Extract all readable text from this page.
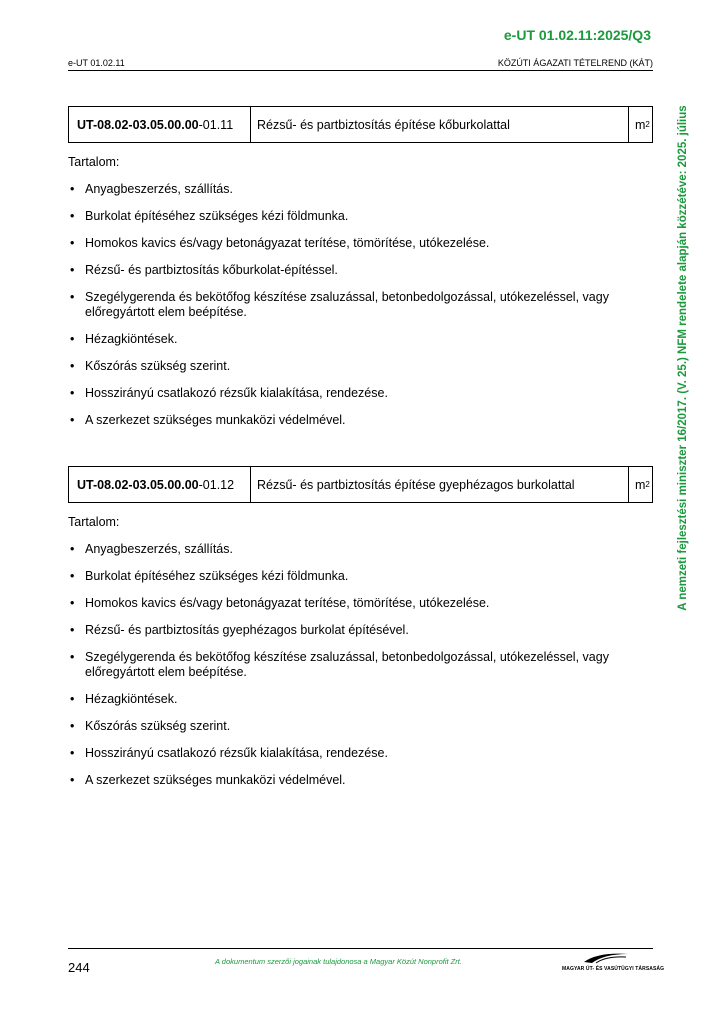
e-UT 01.02.11:2025/Q3
e-UT 01.02.11	KÖZÚTI ÁGAZATI TÉTELREND (KÁT)
A nemzeti fejlesztési miniszter 16/2017. (V. 25.) NFM rendelete alapján közzétéve: 2025. július
UT-08.02-03.05.00.00 -01.11	Rézsű- és partbiztosítás építése kőburkolattal	m 2
Tartalom:
• Anyagbeszerzés, szállítás.
• Burkolat építéséhez szükséges kézi földmunka.
• Homokos kavics és/vagy betonágyazat terítése, tömörítése, utókezelése.
• Rézsű- és partbiztosítás kőburkolat-építéssel.
• Szegélygerenda és bekötőfog készítése zsaluzással, betonbedolgozással, utókezeléssel, vagy előregyártott elem beépítése.
• Hézagkiöntések.
• Kőszórás szükség szerint.
• Hosszirányú csatlakozó rézsűk kialakítása, rendezése.
• A szerkezet szükséges munkaközi védelmével.
UT-08.02-03.05.00.00 -01.12	Rézsű- és partbiztosítás építése gyephézagos burkolattal	m 2
Tartalom:
• Anyagbeszerzés, szállítás.
• Burkolat építéséhez szükséges kézi földmunka.
• Homokos kavics és/vagy betonágyazat terítése, tömörítése, utókezelése.
• Rézsű- és partbiztosítás gyephézagos burkolat építésével.
• Szegélygerenda és bekötőfog készítése zsaluzással, betonbedolgozással, utókezeléssel, vagy előregyártott elem beépítése.
• Hézagkiöntések.
• Kőszórás szükség szerint.
• Hosszirányú csatlakozó rézsűk kialakítása, rendezése.
• A szerkezet szükséges munkaközi védelmével.
244	A dokumentum szerzői jogainak tulajdonosa a Magyar Közút Nonprofit Zrt.
MAGYAR ÚT- ÉS VASÚTÜGYI TÁRSASÁG
